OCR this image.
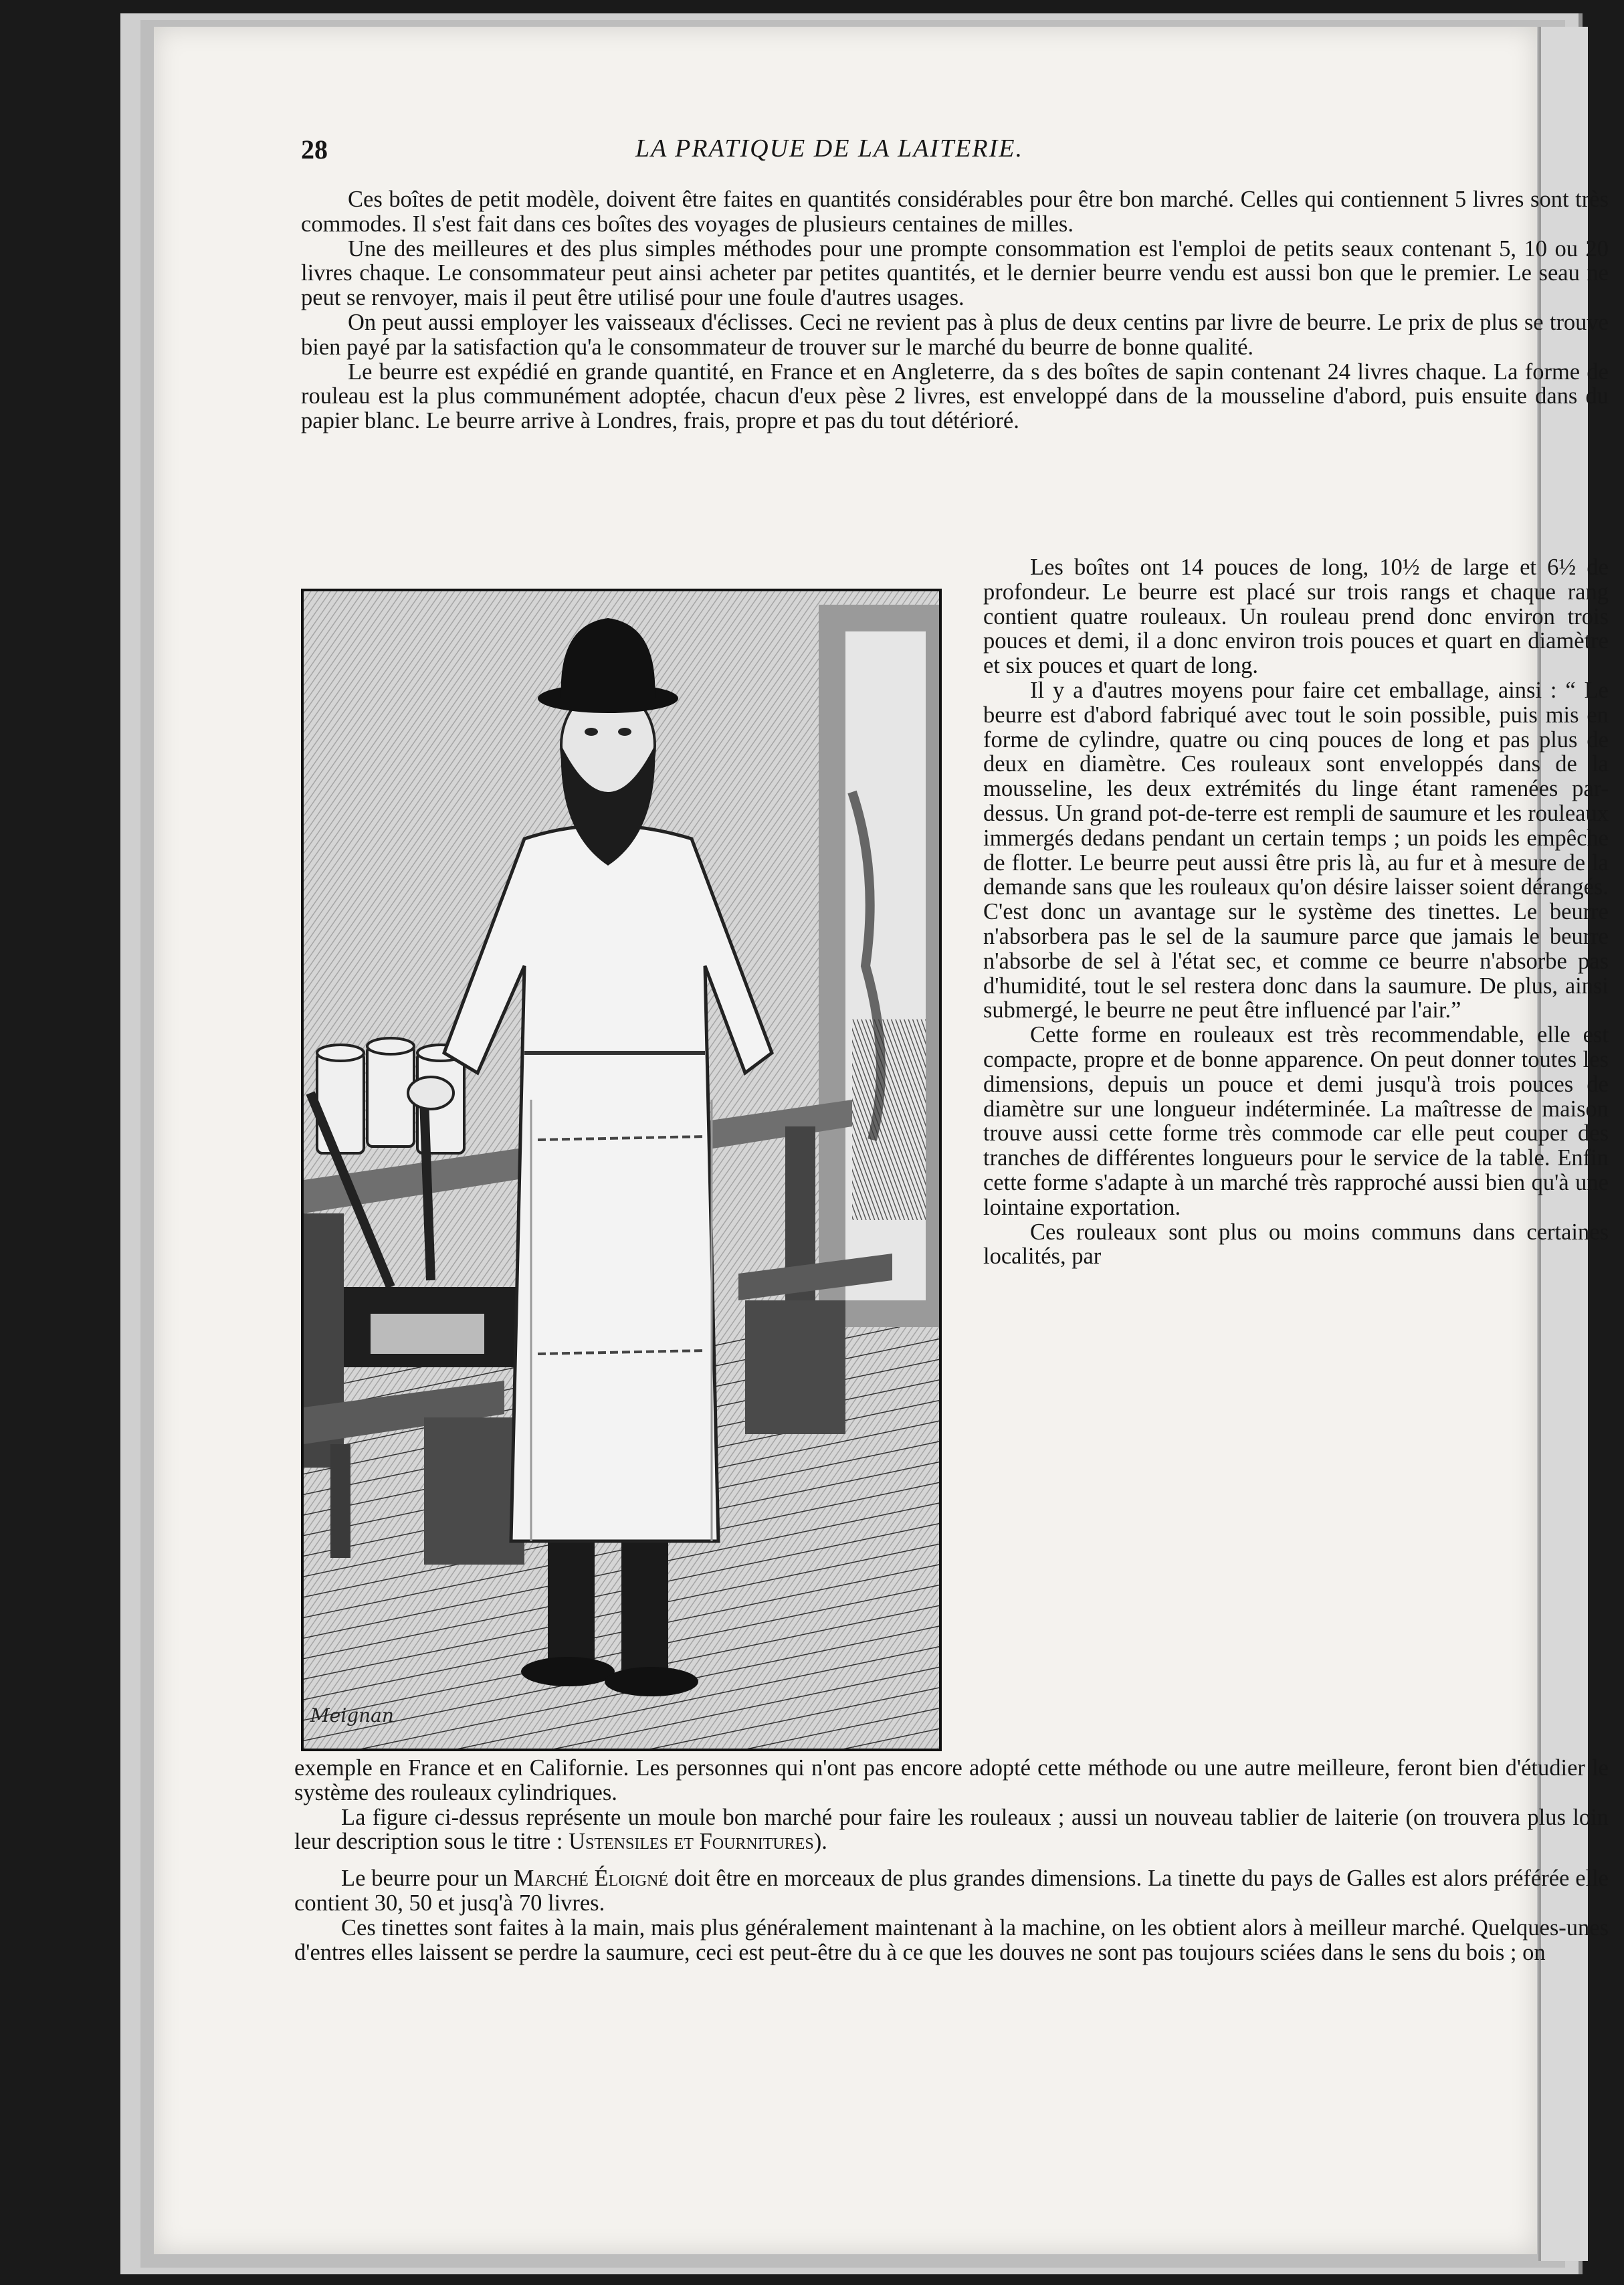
28	LA PRATIQUE DE LA LAITERIE.

Ces boîtes de petit modèle, doivent être faites en quantités considérables pour être bon marché. Celles qui contiennent 5 livres sont très commodes. Il s'est fait dans ces boîtes des voyages de plusieurs centaines de milles.

Une des meilleures et des plus simples méthodes pour une prompte consommation est l'emploi de petits seaux contenant 5, 10 ou 20 livres chaque. Le consommateur peut ainsi acheter par petites quantités, et le dernier beurre vendu est aussi bon que le premier. Le seau ne peut se renvoyer, mais il peut être utilisé pour une foule d'autres usages.

On peut aussi employer les vaisseaux d'éclisses. Ceci ne revient pas à plus de deux centins par livre de beurre. Le prix de plus se trouve bien payé par la satisfaction qu'a le consommateur de trouver sur le marché du beurre de bonne qualité.

Le beurre est expédié en grande quantité, en France et en Angleterre, da s des boîtes de sapin contenant 24 livres chaque. La forme de rouleau est la plus communément adoptée, chacun d'eux pèse 2 livres, est enveloppé dans de la mousseline d'abord, puis ensuite dans du papier blanc. Le beurre arrive à Londres, frais, propre et pas du tout détérioré.

Meignan

Les boîtes ont 14 pouces de long, 10½ de large et 6½ de profondeur. Le beurre est placé sur trois rangs et chaque rang contient quatre rouleaux. Un rouleau prend donc environ trois pouces et demi, il a donc environ trois pouces et quart en diamètre et six pouces et quart de long.

Il y a d'autres moyens pour faire cet emballage, ainsi : “ Le beurre est d'abord fabriqué avec tout le soin possible, puis mis en forme de cylindre, quatre ou cinq pouces de long et pas plus de deux en diamètre. Ces rouleaux sont enveloppés dans de la mousseline, les deux extrémités du linge étant ramenées par-dessus. Un grand pot-de-terre est rempli de saumure et les rouleaux immergés dedans pendant un certain temps ; un poids les empêche de flotter. Le beurre peut aussi être pris là, au fur et à mesure de la demande sans que les rouleaux qu'on désire laisser soient dérangés. C'est donc un avantage sur le système des tinettes. Le beurre n'absorbera pas le sel de la saumure parce que jamais le beurre n'absorbe de sel à l'état sec, et comme ce beurre n'absorbe pas d'humidité, tout le sel restera donc dans la saumure. De plus, ainsi submergé, le beurre ne peut être influencé par l'air.”

Cette forme en rouleaux est très recommendable, elle est compacte, propre et de bonne apparence. On peut donner toutes les dimensions, depuis un pouce et demi jusqu'à trois pouces de diamètre sur une longueur indéterminée. La maîtresse de maison trouve aussi cette forme très commode car elle peut couper des tranches de différentes longueurs pour le service de la table. Enfin cette forme s'adapte à un marché très rapproché aussi bien qu'à une lointaine exportation.

Ces rouleaux sont plus ou moins communs dans certaines localités, par

exemple en France et en Californie. Les personnes qui n'ont pas encore adopté cette méthode ou une autre meilleure, feront bien d'étudier le système des rouleaux cylindriques.

La figure ci-dessus représente un moule bon marché pour faire les rouleaux ; aussi un nouveau tablier de laiterie (on trouvera plus loin leur description sous le titre : Ustensiles et Fournitures).

Le beurre pour un Marché Éloigné doit être en morceaux de plus grandes dimensions. La tinette du pays de Galles est alors préférée elle contient 30, 50 et jusq'à 70 livres.

Ces tinettes sont faites à la main, mais plus généralement maintenant à la machine, on les obtient alors à meilleur marché. Quelques-unes d'entres elles laissent se perdre la saumure, ceci est peut-être du à ce que les douves ne sont pas toujours sciées dans le sens du bois ; on
